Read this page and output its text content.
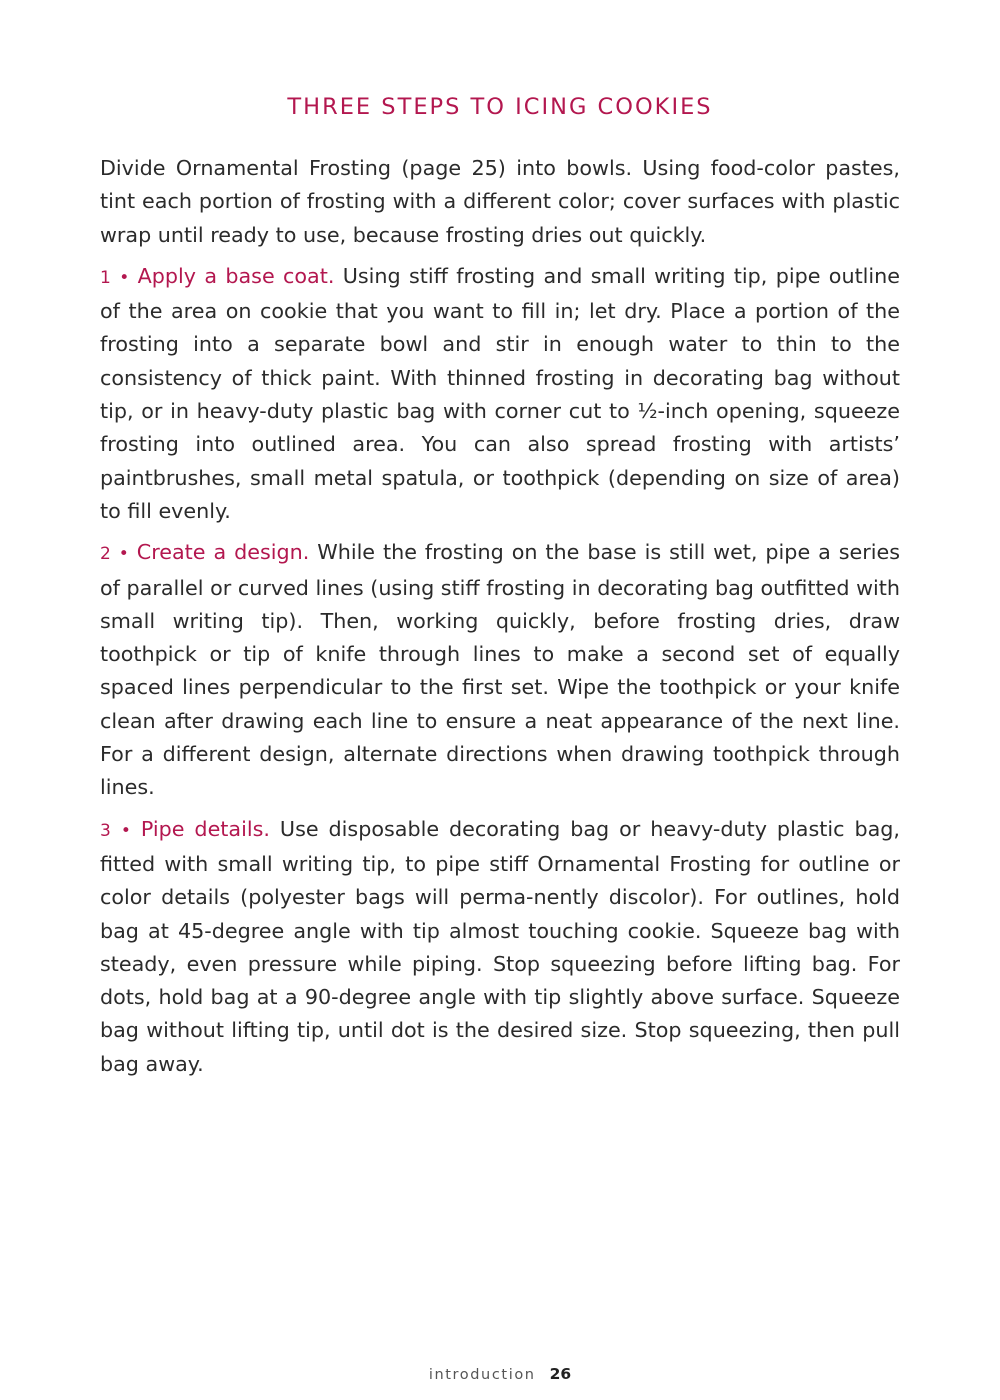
THREE STEPS TO ICING COOKIES

Divide Ornamental Frosting (page 25) into bowls. Using food-color pastes, tint each portion of frosting with a different color; cover surfaces with plastic wrap until ready to use, because frosting dries out quickly.

1 • Apply a base coat. Using stiff frosting and small writing tip, pipe outline of the area on cookie that you want to fill in; let dry. Place a portion of the frosting into a separate bowl and stir in enough water to thin to the consistency of thick paint. With thinned frosting in decorating bag without tip, or in heavy-duty plastic bag with corner cut to ½-inch opening, squeeze frosting into outlined area. You can also spread frosting with artists’ paintbrushes, small metal spatula, or toothpick (depending on size of area) to fill evenly.

2 • Create a design. While the frosting on the base is still wet, pipe a series of parallel or curved lines (using stiff frosting in decorating bag outfitted with small writing tip). Then, working quickly, before frosting dries, draw toothpick or tip of knife through lines to make a second set of equally spaced lines perpendicular to the first set. Wipe the toothpick or your knife clean after drawing each line to ensure a neat appearance of the next line. For a different design, alternate directions when drawing toothpick through lines.

3 • Pipe details. Use disposable decorating bag or heavy-duty plastic bag, fitted with small writing tip, to pipe stiff Ornamental Frosting for outline or color details (polyester bags will perma-nently discolor). For outlines, hold bag at 45-degree angle with tip almost touching cookie. Squeeze bag with steady, even pressure while piping. Stop squeezing before lifting bag. For dots, hold bag at a 90-degree angle with tip slightly above surface. Squeeze bag without lifting tip, until dot is the desired size. Stop squeezing, then pull bag away.

introduction 26
